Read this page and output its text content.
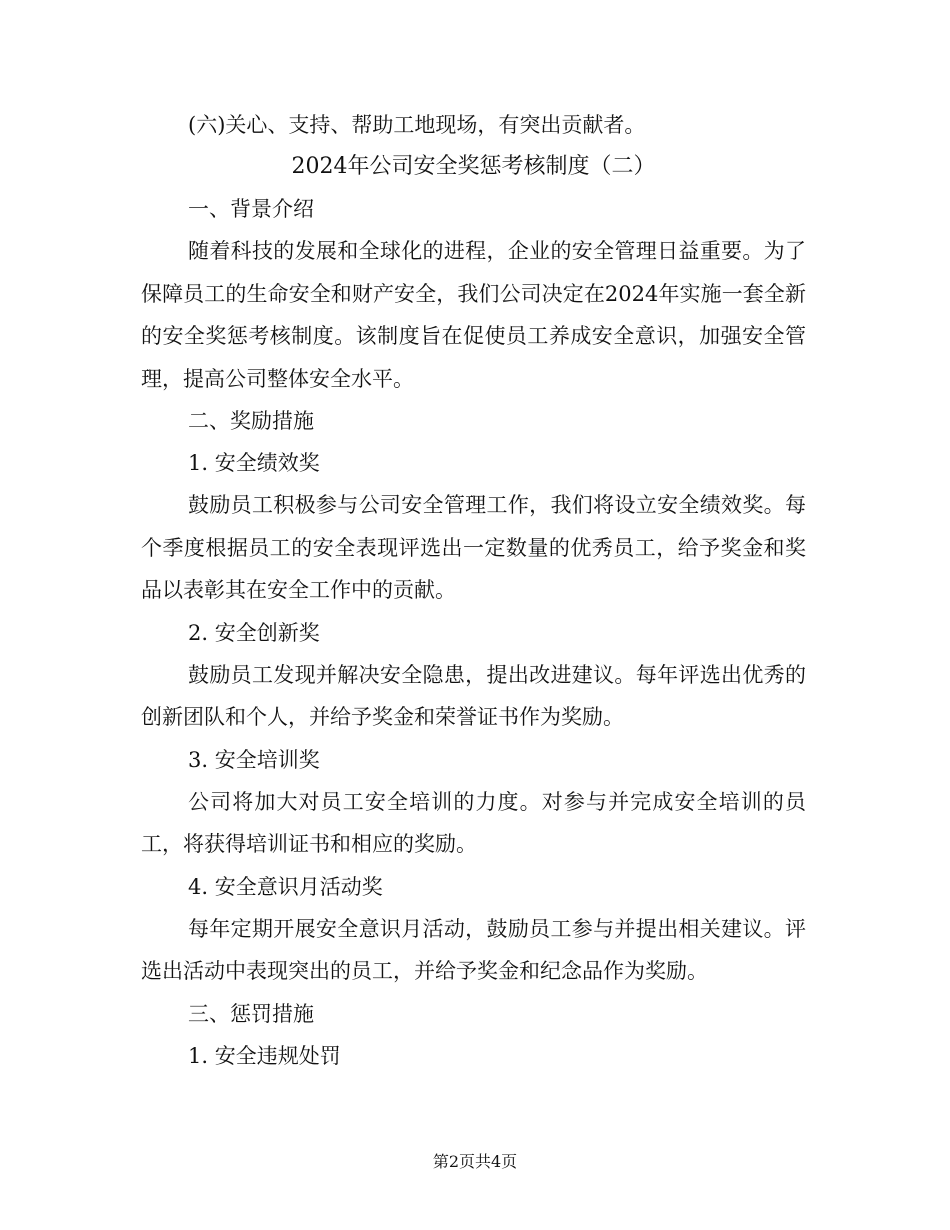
(六)关心、支持、帮助工地现场，有突出贡献者。
2024年公司安全奖惩考核制度（二）
一、背景介绍

随着科技的发展和全球化的进程，企业的安全管理日益重要。为了保障员工的生命安全和财产安全，我们公司决定在2024年实施一套全新的安全奖惩考核制度。该制度旨在促使员工养成安全意识，加强安全管理，提高公司整体安全水平。

二、奖励措施
1. 安全绩效奖

鼓励员工积极参与公司安全管理工作，我们将设立安全绩效奖。每个季度根据员工的安全表现评选出一定数量的优秀员工，给予奖金和奖品以表彰其在安全工作中的贡献。

2. 安全创新奖

鼓励员工发现并解决安全隐患，提出改进建议。每年评选出优秀的创新团队和个人，并给予奖金和荣誉证书作为奖励。

3. 安全培训奖

公司将加大对员工安全培训的力度。对参与并完成安全培训的员工，将获得培训证书和相应的奖励。

4. 安全意识月活动奖

每年定期开展安全意识月活动，鼓励员工参与并提出相关建议。评选出活动中表现突出的员工，并给予奖金和纪念品作为奖励。

三、惩罚措施
1. 安全违规处罚
第2页共4页
